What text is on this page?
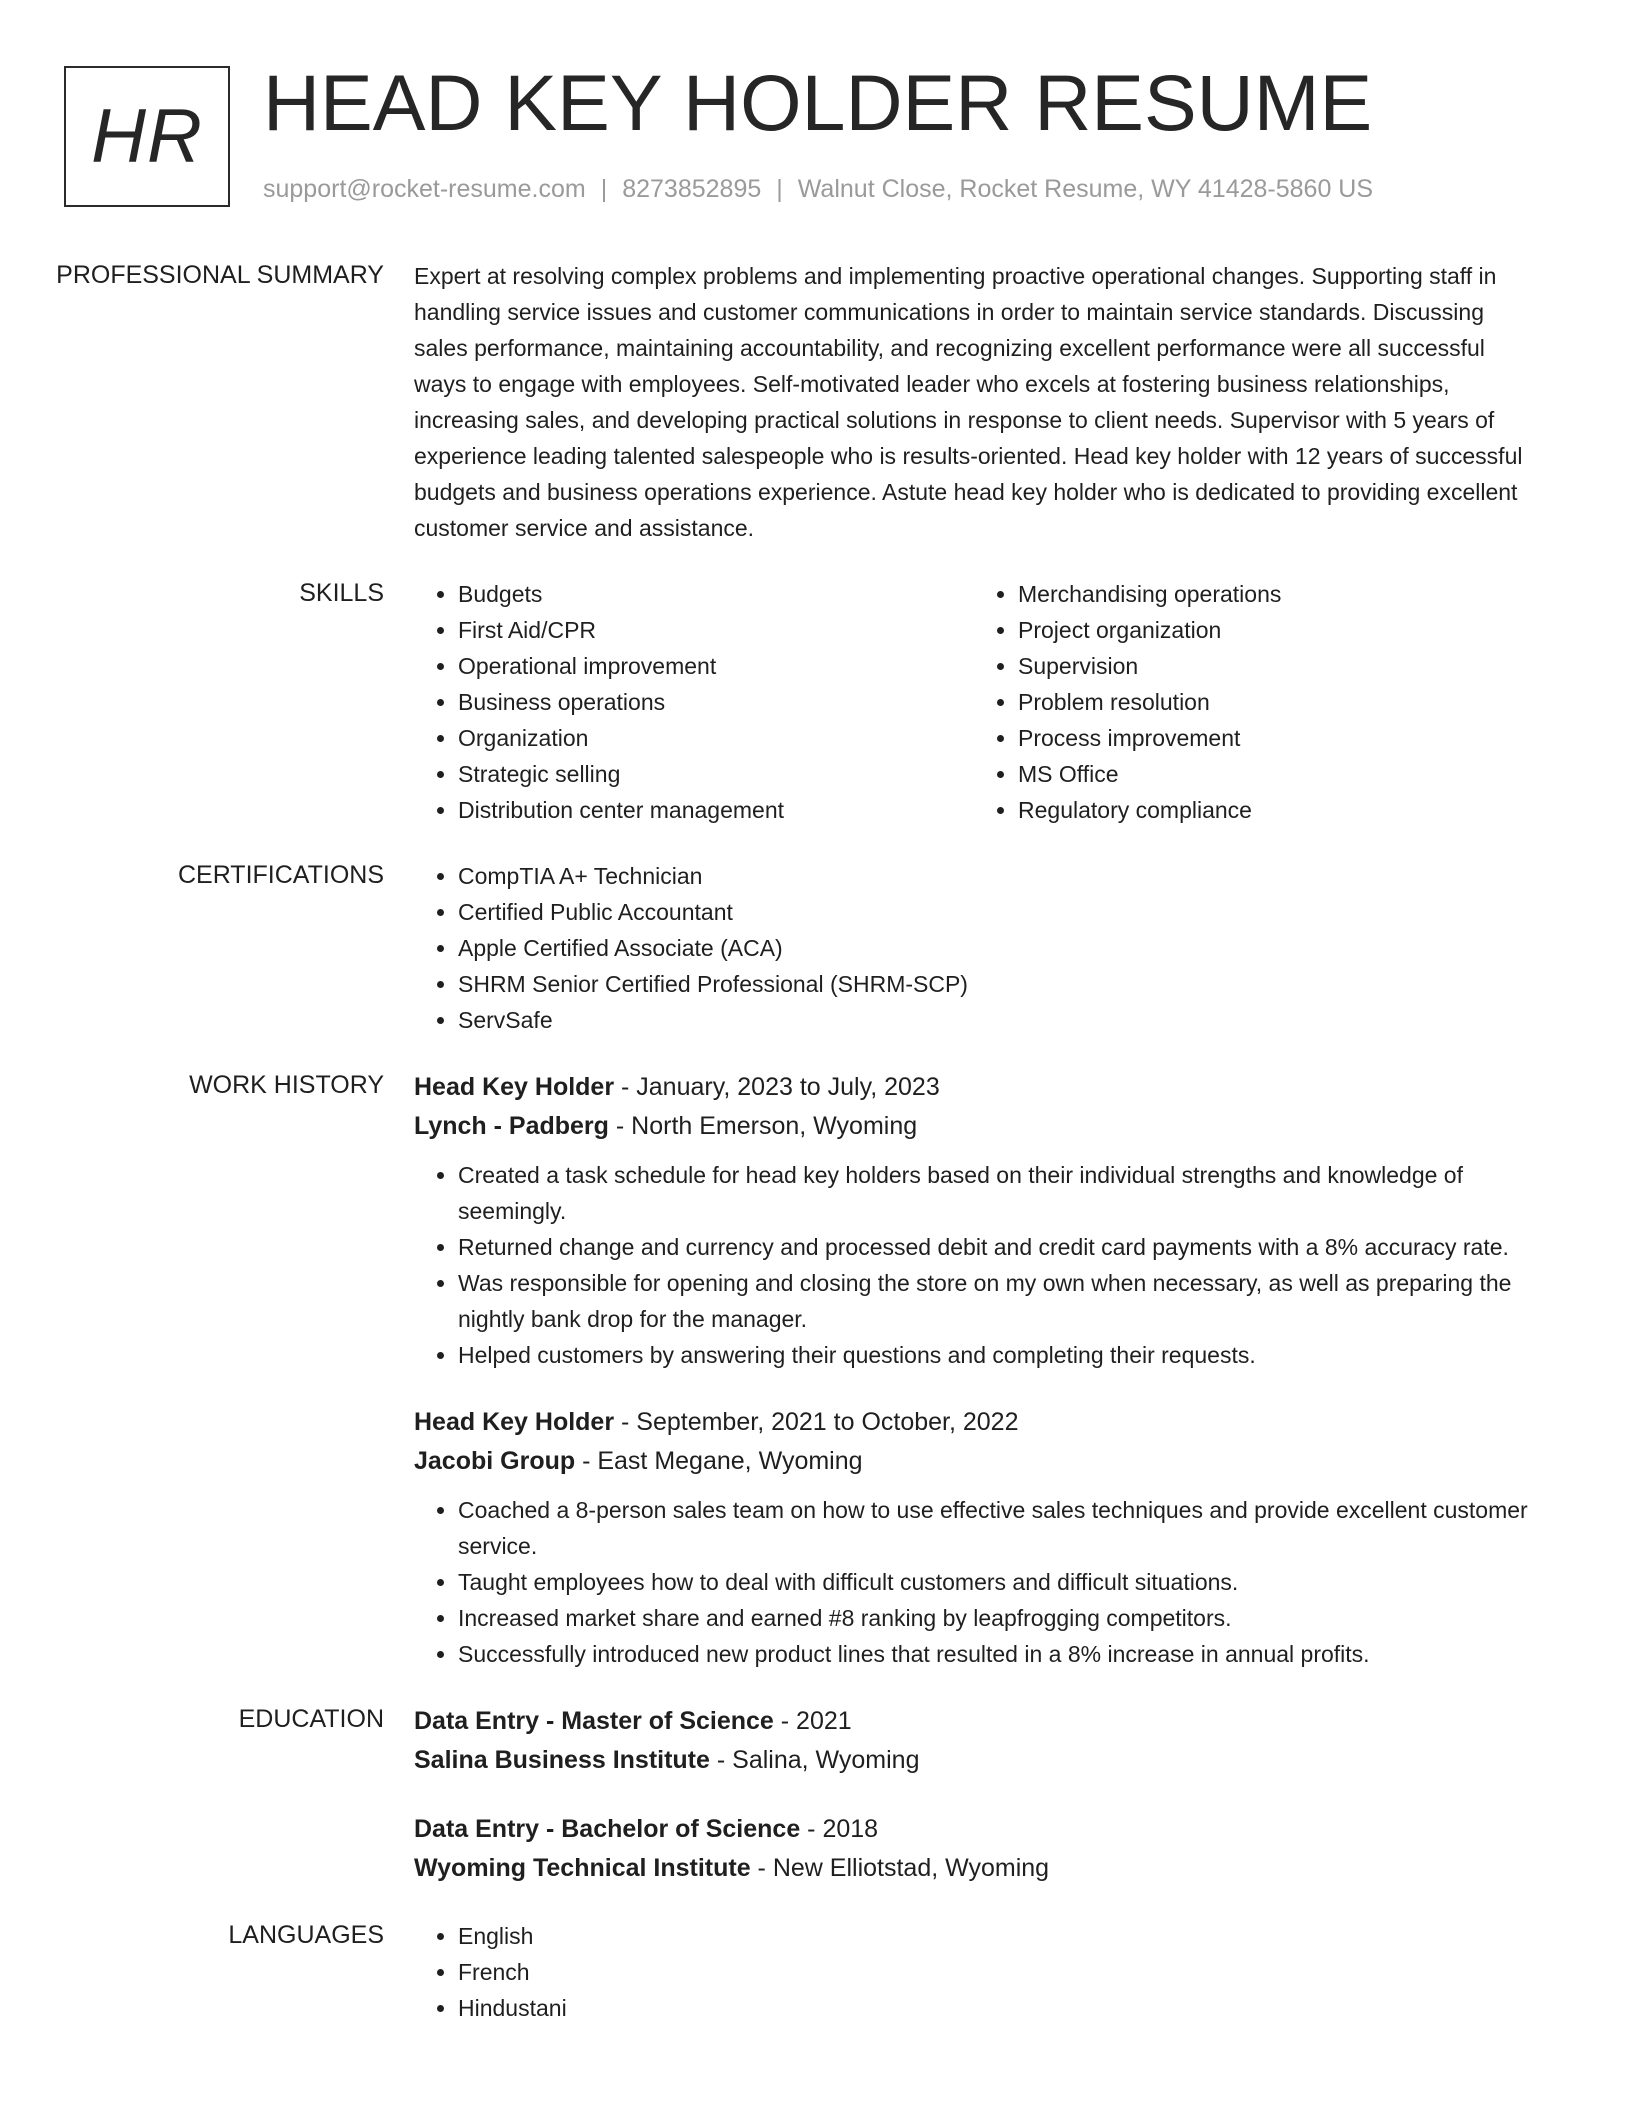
HR HEAD KEY HOLDER RESUME
support@rocket-resume.com | 8273852895 | Walnut Close, Rocket Resume, WY 41428-5860 US
PROFESSIONAL SUMMARY	Expert at resolving complex problems and implementing proactive operational changes. Supporting staff in handling service issues and customer communications in order to maintain service standards. Discussing sales performance, maintaining accountability, and recognizing excellent performance were all successful ways to engage with employees. Self-motivated leader who excels at fostering business relationships, increasing sales, and developing practical solutions in response to client needs. Supervisor with 5 years of experience leading talented salespeople who is results-oriented. Head key holder with 12 years of successful budgets and business operations experience. Astute head key holder who is dedicated to providing excellent customer service and assistance.

SKILLS	• Budgets
• First Aid/CPR
• Operational improvement
• Business operations
• Organization
• Strategic selling
• Distribution center management
• Merchandising operations
• Project organization
• Supervision
• Problem resolution
• Process improvement
• MS Office
• Regulatory compliance
CERTIFICATIONS	• CompTIA A+ Technician
• Certified Public Accountant
• Apple Certified Associate (ACA)
• SHRM Senior Certified Professional (SHRM-SCP)
• ServSafe
WORK HISTORY	Head Key Holder - January, 2023 to July, 2023
Lynch - Padberg - North Emerson, Wyoming
• Created a task schedule for head key holders based on their individual strengths and knowledge of seemingly.
• Returned change and currency and processed debit and credit card payments with a 8% accuracy rate.
• Was responsible for opening and closing the store on my own when necessary, as well as preparing the nightly bank drop for the manager.
• Helped customers by answering their questions and completing their requests.
Head Key Holder - September, 2021 to October, 2022
Jacobi Group - East Megane, Wyoming
• Coached a 8-person sales team on how to use effective sales techniques and provide excellent customer service.
• Taught employees how to deal with difficult customers and difficult situations.
• Increased market share and earned #8 ranking by leapfrogging competitors.
• Successfully introduced new product lines that resulted in a 8% increase in annual profits.
EDUCATION	Data Entry - Master of Science - 2021
Salina Business Institute - Salina, Wyoming
Data Entry - Bachelor of Science - 2018
Wyoming Technical Institute - New Elliotstad, Wyoming
LANGUAGES	• English
• French
• Hindustani
